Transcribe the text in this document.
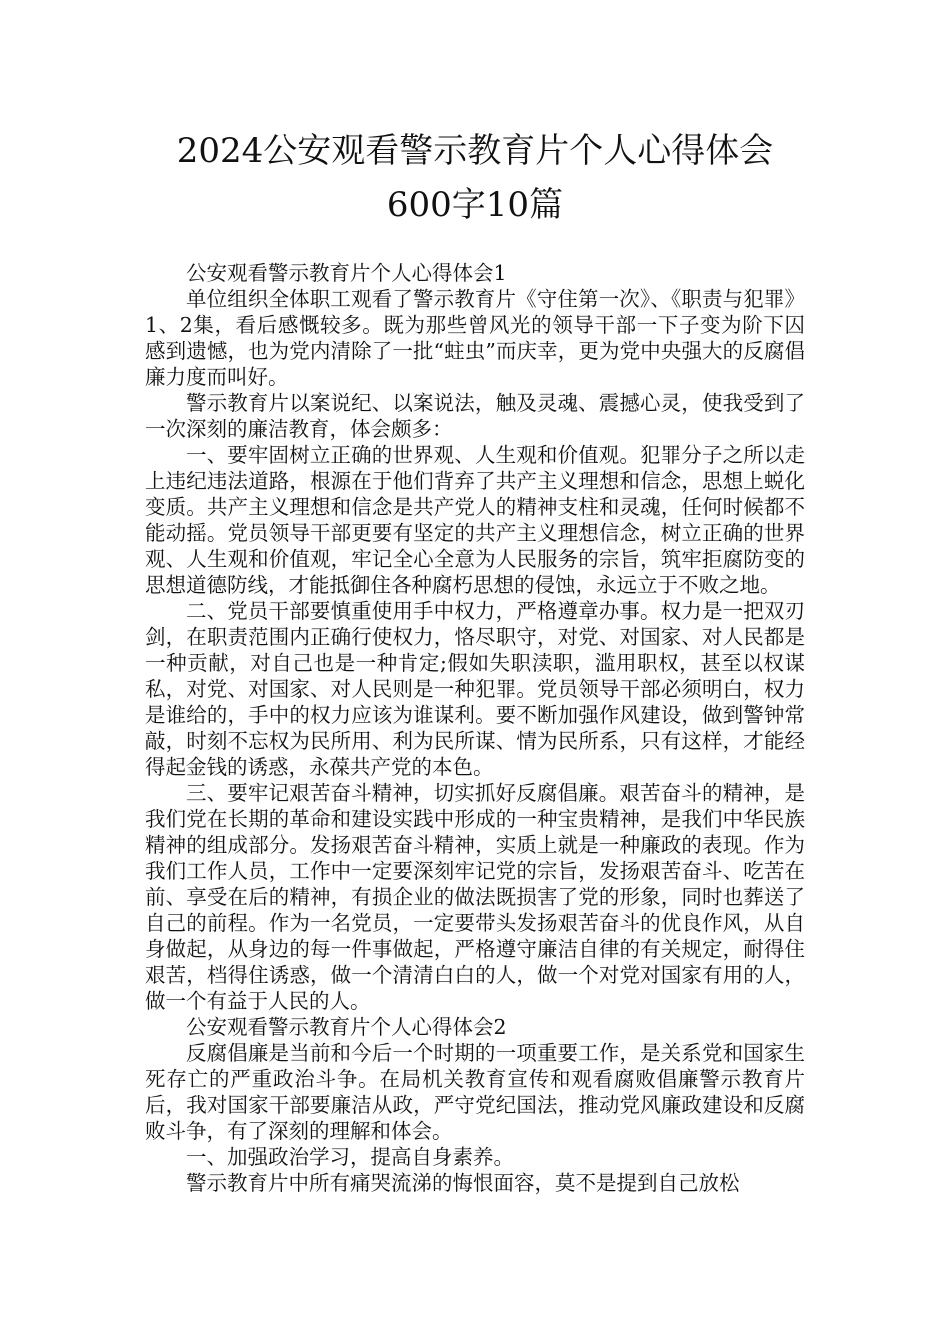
2024公安观看警示教育片个人心得体会
600字10篇

公安观看警示教育片个人心得体会1

单位组织全体职工观看了警示教育片《守住第一次》、《职责与犯罪》1、2集，看后感慨较多。既为那些曾风光的领导干部一下子变为阶下囚感到遗憾，也为党内清除了一批“蛀虫”而庆幸，更为党中央强大的反腐倡廉力度而叫好。

警示教育片以案说纪、以案说法，触及灵魂、震撼心灵，使我受到了一次深刻的廉洁教育，体会颇多：

一、要牢固树立正确的世界观、人生观和价值观。犯罪分子之所以走上违纪违法道路，根源在于他们背弃了共产主义理想和信念，思想上蜕化变质。共产主义理想和信念是共产党人的精神支柱和灵魂，任何时候都不能动摇。党员领导干部更要有坚定的共产主义理想信念，树立正确的世界观、人生观和价值观，牢记全心全意为人民服务的宗旨，筑牢拒腐防变的思想道德防线，才能抵御住各种腐朽思想的侵蚀，永远立于不败之地。

二、党员干部要慎重使用手中权力，严格遵章办事。权力是一把双刃剑，在职责范围内正确行使权力，恪尽职守，对党、对国家、对人民都是一种贡献，对自己也是一种肯定;假如失职渎职，滥用职权，甚至以权谋私，对党、对国家、对人民则是一种犯罪。党员领导干部必须明白，权力是谁给的，手中的权力应该为谁谋利。要不断加强作风建设，做到警钟常敲，时刻不忘权为民所用、利为民所谋、情为民所系，只有这样，才能经得起金钱的诱惑，永葆共产党的本色。

三、要牢记艰苦奋斗精神，切实抓好反腐倡廉。艰苦奋斗的精神，是我们党在长期的革命和建设实践中形成的一种宝贵精神，是我们中华民族精神的组成部分。发扬艰苦奋斗精神，实质上就是一种廉政的表现。作为我们工作人员，工作中一定要深刻牢记党的宗旨，发扬艰苦奋斗、吃苦在前、享受在后的精神，有损企业的做法既损害了党的形象，同时也葬送了自己的前程。作为一名党员，一定要带头发扬艰苦奋斗的优良作风，从自身做起，从身边的每一件事做起，严格遵守廉洁自律的有关规定，耐得住艰苦，档得住诱惑，做一个清清白白的人，做一个对党对国家有用的人，做一个有益于人民的人。

公安观看警示教育片个人心得体会2

反腐倡廉是当前和今后一个时期的一项重要工作，是关系党和国家生死存亡的严重政治斗争。在局机关教育宣传和观看腐败倡廉警示教育片后，我对国家干部要廉洁从政，严守党纪国法，推动党风廉政建设和反腐败斗争，有了深刻的理解和体会。

一、加强政治学习，提高自身素养。

警示教育片中所有痛哭流涕的悔恨面容，莫不是提到自己放松
